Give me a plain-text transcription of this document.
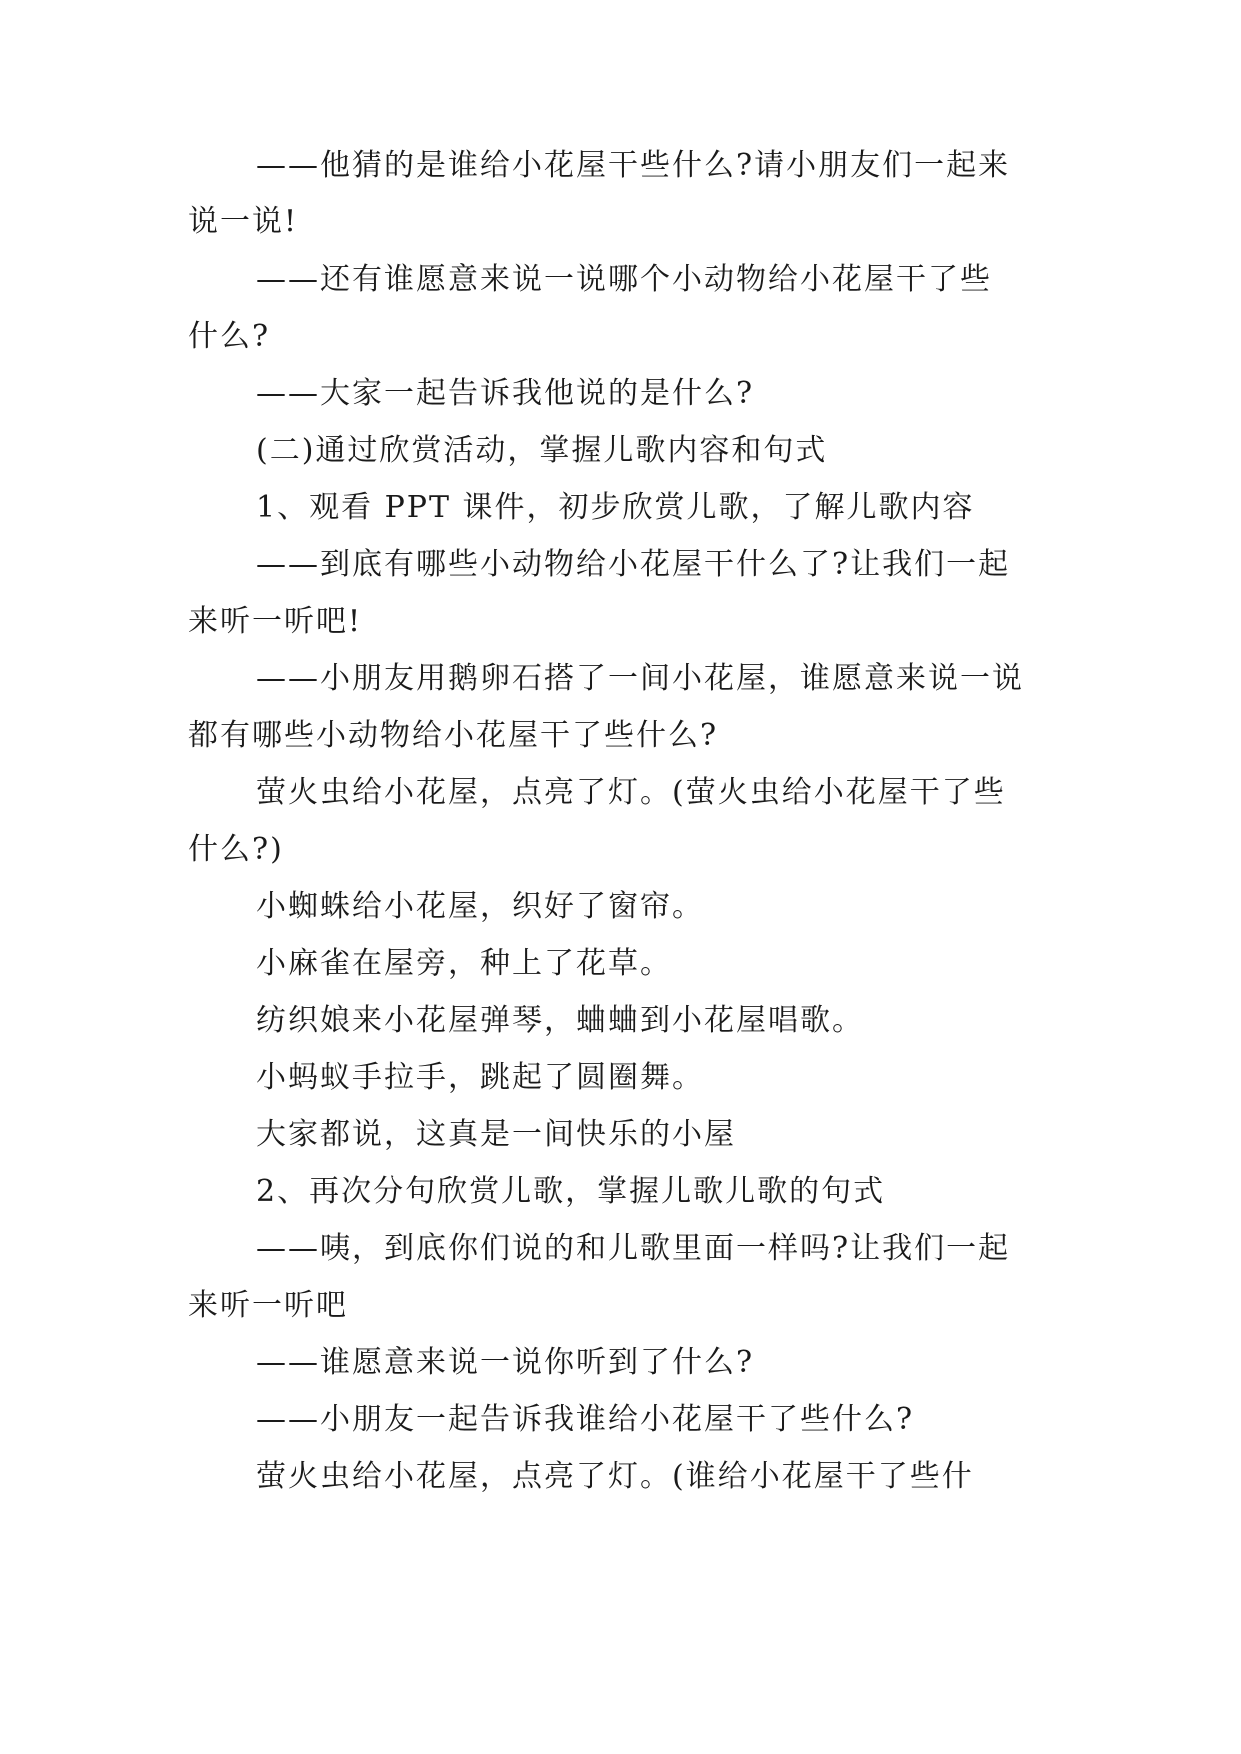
——他猜的是谁给小花屋干些什么?请小朋友们一起来
说一说!
——还有谁愿意来说一说哪个小动物给小花屋干了些
什么?
——大家一起告诉我他说的是什么?
(二)通过欣赏活动，掌握儿歌内容和句式
1、观看 PPT 课件，初步欣赏儿歌，了解儿歌内容
——到底有哪些小动物给小花屋干什么了?让我们一起
来听一听吧!
——小朋友用鹅卵石搭了一间小花屋，谁愿意来说一说
都有哪些小动物给小花屋干了些什么?
萤火虫给小花屋，点亮了灯。(萤火虫给小花屋干了些
什么?)
小蜘蛛给小花屋，织好了窗帘。
小麻雀在屋旁，种上了花草。
纺织娘来小花屋弹琴，蛐蛐到小花屋唱歌。
小蚂蚁手拉手，跳起了圆圈舞。
大家都说，这真是一间快乐的小屋
2、再次分句欣赏儿歌，掌握儿歌儿歌的句式
——咦，到底你们说的和儿歌里面一样吗?让我们一起
来听一听吧
——谁愿意来说一说你听到了什么?
——小朋友一起告诉我谁给小花屋干了些什么?
萤火虫给小花屋，点亮了灯。(谁给小花屋干了些什
